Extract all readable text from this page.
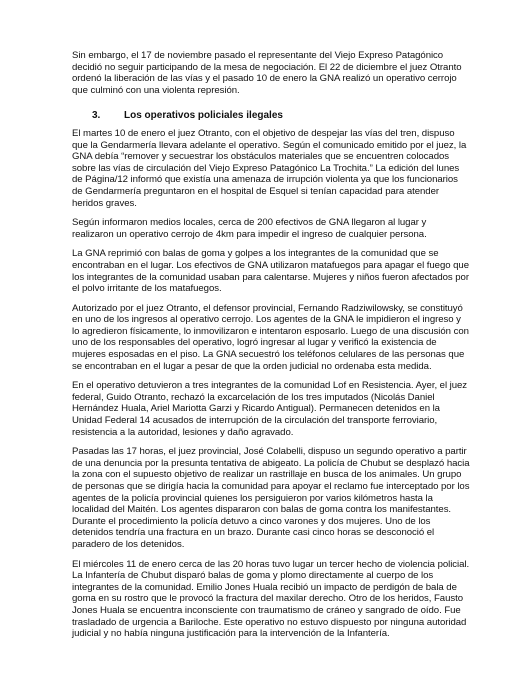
Sin embargo, el 17 de noviembre pasado el representante del Viejo Expreso Patagónico decidió no seguir participando de la mesa de negociación. El 22 de diciembre el juez Otranto ordenó la liberación de las vías y el pasado 10 de enero la GNA realizó un operativo cerrojo que culminó con una violenta represión.

3.	Los operativos policiales ilegales

El martes 10 de enero el juez Otranto, con el objetivo de despejar las vías del tren, dispuso que la Gendarmería llevara adelante el operativo. Según el comunicado emitido por el juez, la GNA debía “remover y secuestrar los obstáculos materiales que se encuentren colocados sobre las vías de circulación del Viejo Expreso Patagónico La Trochita.” La edición del lunes de Página/12 informó que existía una amenaza de irrupción violenta ya que los funcionarios de Gendarmería preguntaron en el hospital de Esquel si tenían capacidad para atender heridos graves.

Según informaron medios locales, cerca de 200 efectivos de GNA llegaron al lugar y realizaron un operativo cerrojo de 4km para impedir el ingreso de cualquier persona.

La GNA reprimió con balas de goma y golpes a los integrantes de la comunidad que se encontraban en el lugar. Los efectivos de GNA utilizaron matafuegos para apagar el fuego que los integrantes de la comunidad usaban para calentarse. Mujeres y niños fueron afectados por el polvo irritante de los matafuegos.

Autorizado por el juez Otranto, el defensor provincial, Fernando Radziwilowsky, se constituyó en uno de los ingresos al operativo cerrojo. Los agentes de la GNA le impidieron el ingreso y lo agredieron físicamente, lo inmovilizaron e intentaron esposarlo. Luego de una discusión con uno de los responsables del operativo, logró ingresar al lugar y verificó la existencia de mujeres esposadas en el piso. La GNA secuestró los teléfonos celulares de las personas que se encontraban en el lugar a pesar de que la orden judicial no ordenaba esta medida.

En el operativo detuvieron a tres integrantes de la comunidad Lof en Resistencia. Ayer, el juez federal, Guido Otranto, rechazó la excarcelación de los tres imputados (Nicolás Daniel Hernández Huala, Ariel Mariotta Garzi y Ricardo Antigual). Permanecen detenidos en la Unidad Federal 14 acusados de interrupción de la circulación del transporte ferroviario, resistencia a la autoridad, lesiones y daño agravado.

Pasadas las 17 horas, el juez provincial, José Colabelli, dispuso un segundo operativo a partir de una denuncia por la presunta tentativa de abigeato. La policía de Chubut se desplazó hacia la zona con el supuesto objetivo de realizar un rastrillaje en busca de los animales. Un grupo de personas que se dirigía hacia la comunidad para apoyar el reclamo fue interceptado por los agentes de la policía provincial quienes los persiguieron por varios kilómetros hasta la localidad del Maitén. Los agentes dispararon con balas de goma contra los manifestantes. Durante el procedimiento la policía detuvo a cinco varones y dos mujeres. Uno de los detenidos tendría una fractura en un brazo. Durante casi cinco horas se desconoció el paradero de los detenidos.

El miércoles 11 de enero cerca de las 20 horas tuvo lugar un tercer hecho de violencia policial. La Infantería de Chubut disparó balas de goma y plomo directamente al cuerpo de los integrantes de la comunidad. Emilio Jones Huala recibió un impacto de perdigón de bala de goma en su rostro que le provocó la fractura del maxilar derecho. Otro de los heridos, Fausto Jones Huala se encuentra inconsciente con traumatismo de cráneo y sangrado de oído. Fue trasladado de urgencia a Bariloche. Este operativo no estuvo dispuesto por ninguna autoridad judicial y no había ninguna justificación para la intervención de la Infantería.
